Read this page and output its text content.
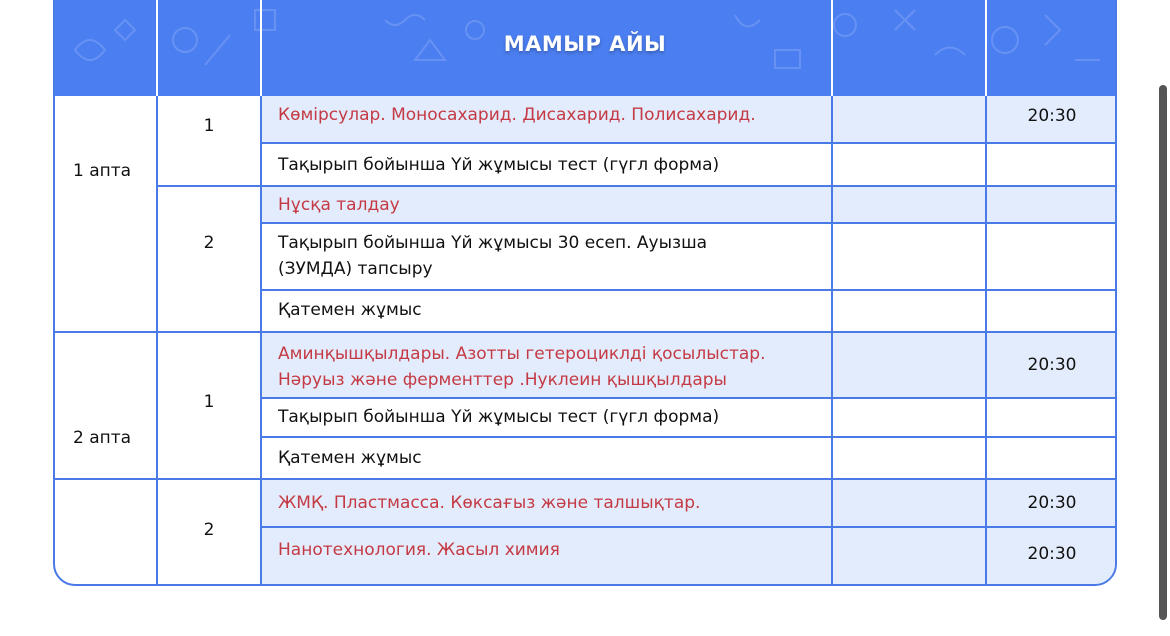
МАМЫР АЙЫ
1 апта
2 апта
1
2
1
2
Көмірсулар. Моносахарид. Дисахарид. Полисахарид.
Тақырып бойынша Үй жұмысы тест (гүгл форма)
Нұсқа талдау
Тақырып бойынша Үй жұмысы 30 есеп. Ауызша
(ЗУМДА) тапсыру
Қатемен жұмыс
Аминқышқылдары. Азотты гетероциклді қосылыстар.
Нәруыз және ферменттер .Нуклеин қышқылдары
Тақырып бойынша Үй жұмысы тест (гүгл форма)
Қатемен жұмыс
ЖМҚ. Пластмасса. Көксағыз және талшықтар.
Нанотехнология. Жасыл химия
20:30
20:30
20:30
20:30
